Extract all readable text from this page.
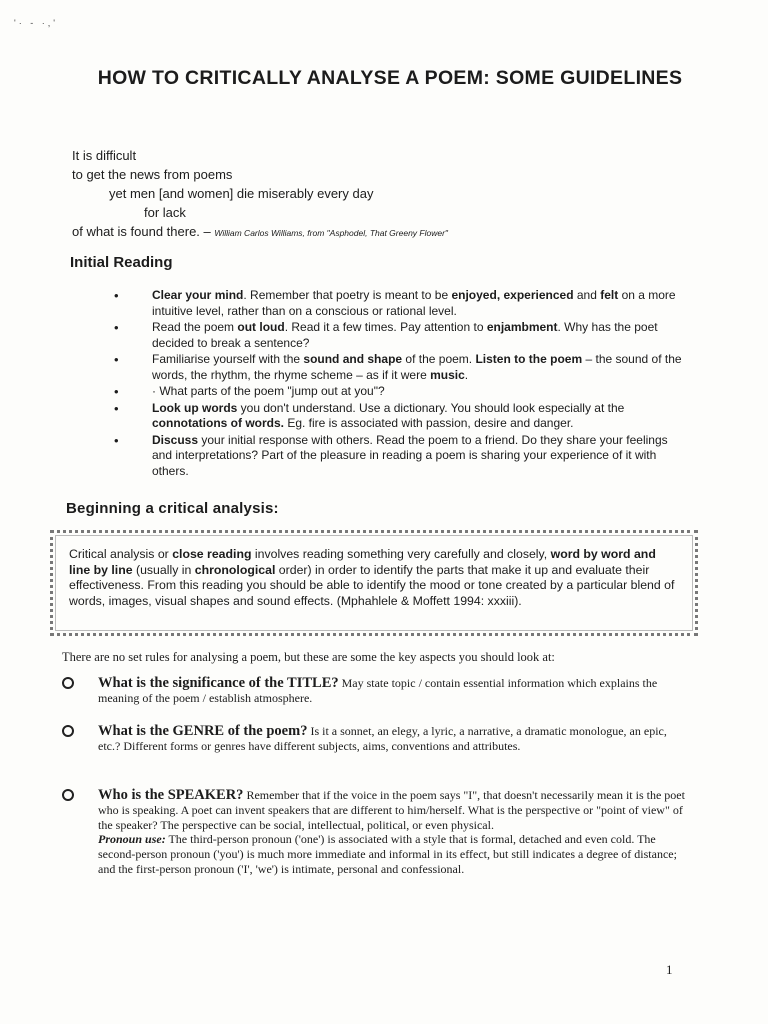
'· - ·,'
HOW TO CRITICALLY ANALYSE A POEM: SOME GUIDELINES
It is difficult
to get the news from poems
yet men [and women] die miserably every day
for lack
of what is found there. – William Carlos Williams, from "Asphodel, That Greeny Flower"
Initial Reading
• Clear your mind. Remember that poetry is meant to be enjoyed, experienced and felt on a more intuitive level, rather than on a conscious or rational level.
• Read the poem out loud. Read it a few times. Pay attention to enjambment. Why has the poet decided to break a sentence?
• Familiarise yourself with the sound and shape of the poem. Listen to the poem – the sound of the words, the rhythm, the rhyme scheme – as if it were music.
• · What parts of the poem "jump out at you"?
• Look up words you don't understand. Use a dictionary. You should look especially at the connotations of words. Eg. fire is associated with passion, desire and danger.
• Discuss your initial response with others. Read the poem to a friend. Do they share your feelings and interpretations? Part of the pleasure in reading a poem is sharing your experience of it with others.
Beginning a critical analysis:
Critical analysis or close reading involves reading something very carefully and closely, word by word and line by line (usually in chronological order) in order to identify the parts that make it up and evaluate their effectiveness. From this reading you should be able to identify the mood or tone created by a particular blend of words, images, visual shapes and sound effects. (Mphahlele & Moffett 1994: xxxiii).
There are no set rules for analysing a poem, but these are some the key aspects you should look at:
What is the significance of the TITLE? May state topic / contain essential information which explains the meaning of the poem / establish atmosphere.
What is the GENRE of the poem? Is it a sonnet, an elegy, a lyric, a narrative, a dramatic monologue, an epic, etc.? Different forms or genres have different subjects, aims, conventions and attributes.
Who is the SPEAKER? Remember that if the voice in the poem says "I", that doesn't necessarily mean it is the poet who is speaking. A poet can invent speakers that are different to him/herself. What is the perspective or "point of view" of the speaker? The perspective can be social, intellectual, political, or even physical.
Pronoun use: The third-person pronoun ('one') is associated with a style that is formal, detached and even cold. The second-person pronoun ('you') is much more immediate and informal in its effect, but still indicates a degree of distance; and the first-person pronoun ('I', 'we') is intimate, personal and confessional.
1
